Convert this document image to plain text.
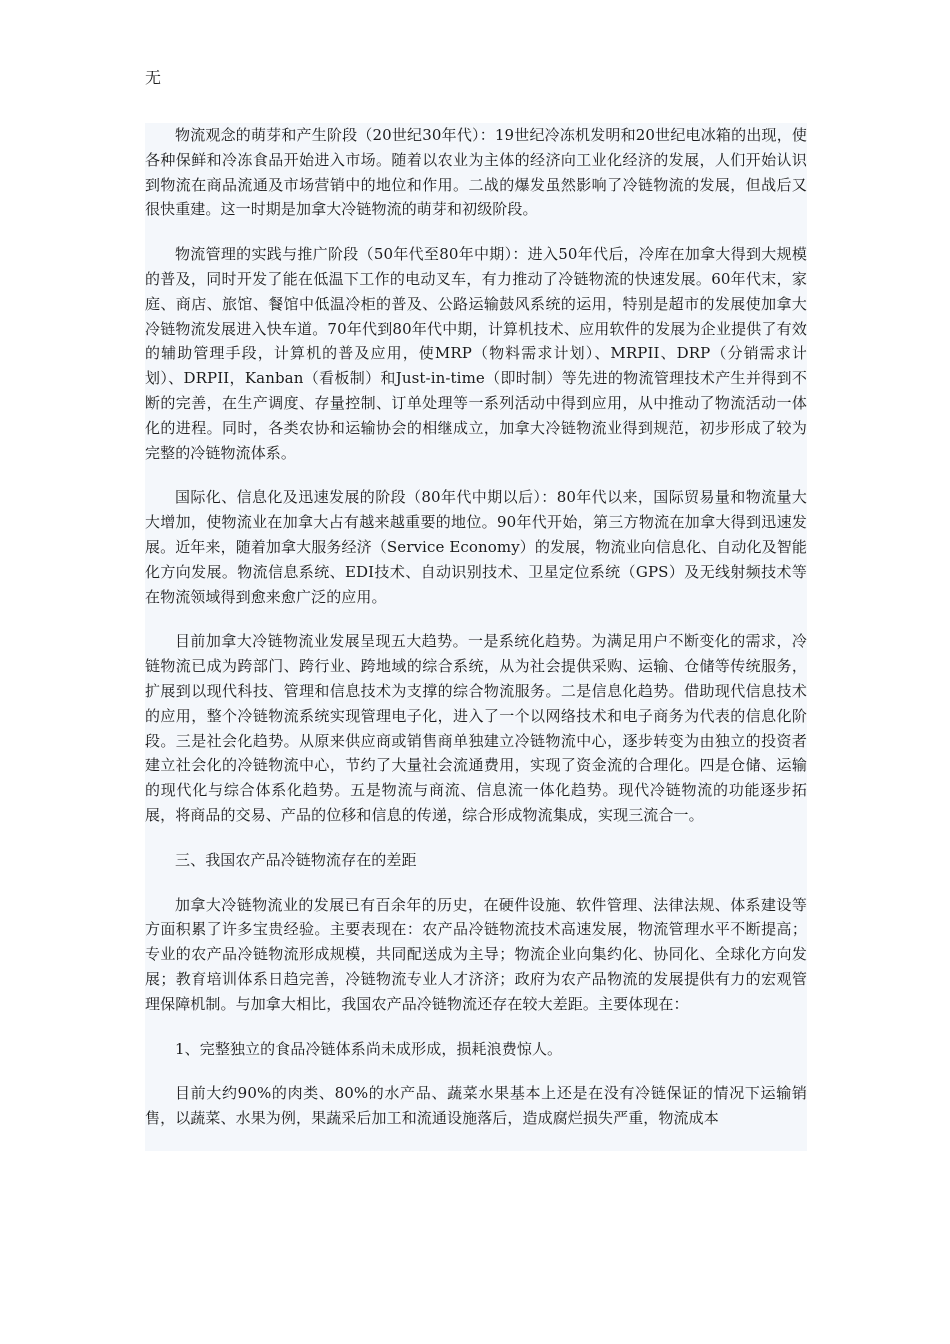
无

物流观念的萌芽和产生阶段（20世纪30年代）：19世纪冷冻机发明和20世纪电冰箱的出现，使各种保鲜和冷冻食品开始进入市场。随着以农业为主体的经济向工业化经济的发展，人们开始认识到物流在商品流通及市场营销中的地位和作用。二战的爆发虽然影响了冷链物流的发展，但战后又很快重建。这一时期是加拿大冷链物流的萌芽和初级阶段。

物流管理的实践与推广阶段（50年代至80年中期）：进入50年代后，冷库在加拿大得到大规模的普及，同时开发了能在低温下工作的电动叉车，有力推动了冷链物流的快速发展。60年代末，家庭、商店、旅馆、餐馆中低温冷柜的普及、公路运输鼓风系统的运用，特别是超市的发展使加拿大冷链物流发展进入快车道。70年代到80年代中期，计算机技术、应用软件的发展为企业提供了有效的辅助管理手段，计算机的普及应用，使MRP（物料需求计划）、MRPII、DRP（分销需求计划）、DRPII，Kanban（看板制）和Just-in-time（即时制）等先进的物流管理技术产生并得到不断的完善，在生产调度、存量控制、订单处理等一系列活动中得到应用，从中推动了物流活动一体化的进程。同时，各类农协和运输协会的相继成立，加拿大冷链物流业得到规范，初步形成了较为完整的冷链物流体系。

国际化、信息化及迅速发展的阶段（80年代中期以后）：80年代以来，国际贸易量和物流量大大增加，使物流业在加拿大占有越来越重要的地位。90年代开始，第三方物流在加拿大得到迅速发展。近年来，随着加拿大服务经济（Service Economy）的发展，物流业向信息化、自动化及智能化方向发展。物流信息系统、EDI技术、自动识别技术、卫星定位系统（GPS）及无线射频技术等在物流领域得到愈来愈广泛的应用。

目前加拿大冷链物流业发展呈现五大趋势。一是系统化趋势。为满足用户不断变化的需求，冷链物流已成为跨部门、跨行业、跨地域的综合系统，从为社会提供采购、运输、仓储等传统服务，扩展到以现代科技、管理和信息技术为支撑的综合物流服务。二是信息化趋势。借助现代信息技术的应用，整个冷链物流系统实现管理电子化，进入了一个以网络技术和电子商务为代表的信息化阶段。三是社会化趋势。从原来供应商或销售商单独建立冷链物流中心，逐步转变为由独立的投资者建立社会化的冷链物流中心，节约了大量社会流通费用，实现了资金流的合理化。四是仓储、运输的现代化与综合体系化趋势。五是物流与商流、信息流一体化趋势。现代冷链物流的功能逐步拓展，将商品的交易、产品的位移和信息的传递，综合形成物流集成，实现三流合一。

三、我国农产品冷链物流存在的差距

加拿大冷链物流业的发展已有百余年的历史，在硬件设施、软件管理、法律法规、体系建设等方面积累了许多宝贵经验。主要表现在：农产品冷链物流技术高速发展，物流管理水平不断提高；专业的农产品冷链物流形成规模，共同配送成为主导；物流企业向集约化、协同化、全球化方向发展；教育培训体系日趋完善，冷链物流专业人才济济；政府为农产品物流的发展提供有力的宏观管理保障机制。与加拿大相比，我国农产品冷链物流还存在较大差距。主要体现在：

1、完整独立的食品冷链体系尚未成形成，损耗浪费惊人。

目前大约90%的肉类、80%的水产品、蔬菜水果基本上还是在没有冷链保证的情况下运输销售，以蔬菜、水果为例，果蔬采后加工和流通设施落后，造成腐烂损失严重，物流成本
